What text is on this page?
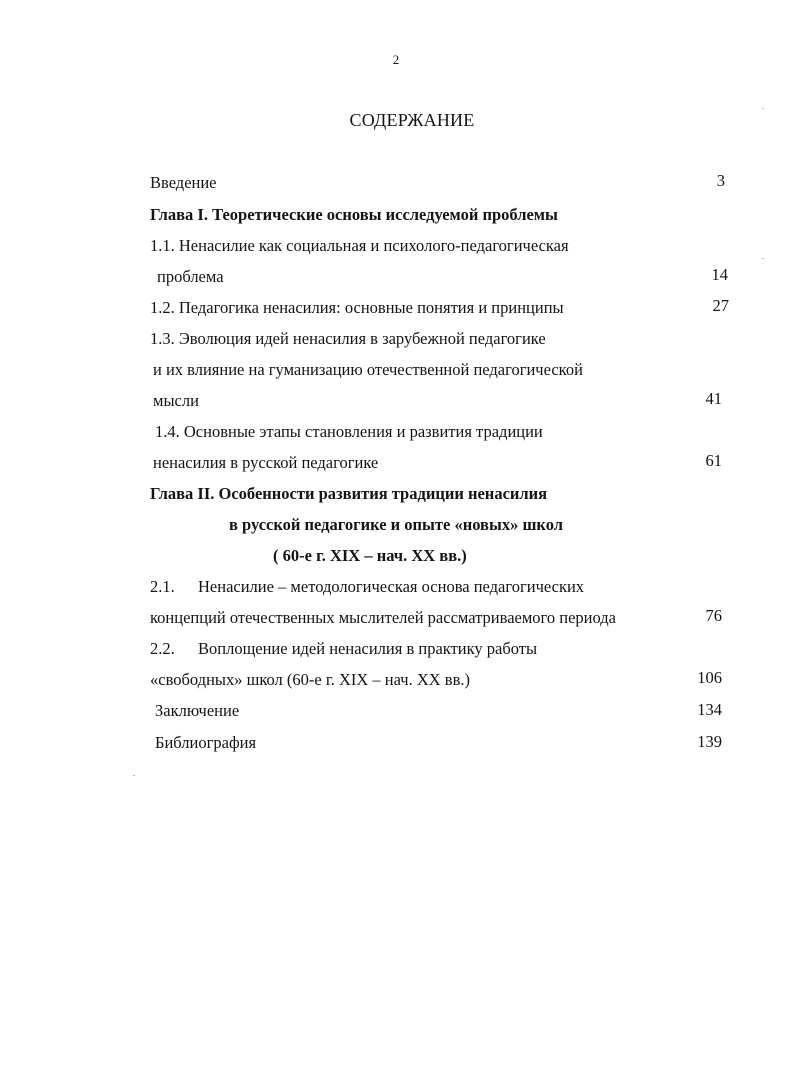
2
СОДЕРЖАНИЕ
Введение	3
Глава I. Теоретические основы исследуемой проблемы
1.1. Ненасилие как социальная и психолого-педагогическая
проблема	14
1.2. Педагогика ненасилия: основные понятия и принципы	27
1.3. Эволюция идей ненасилия в зарубежной педагогике
и их влияние на гуманизацию отечественной педагогической
мысли	41
1.4. Основные этапы становления и развития традиции
ненасилия в русской педагогике	61
Глава II. Особенности развития традиции ненасилия
в русской педагогике и опыте «новых» школ
( 60-е г. XIX – нач. XX вв.)
2.1. Ненасилие – методологическая основа педагогических
концепций отечественных мыслителей рассматриваемого периода	76
2.2. Воплощение идей ненасилия в практику работы
«свободных» школ (60-е г. XIX – нач. XX вв.)	106
Заключение	134
Библиография	139
